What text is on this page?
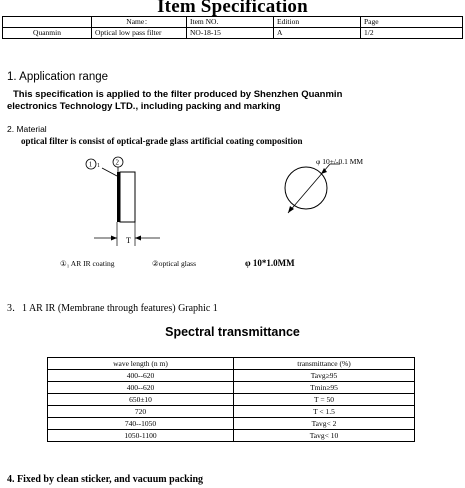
Item Specification
	Name：	Item NO.	Edition	Page
Quanmin	Optical low pass filter	NO-18-15	A	1/2
1. Application range
This specification is applied to the filter produced by Shenzhen Quanmin
electronics Technology LTD., including packing and marking
2. Material
optical filter is consist of optical-grade glass artificial coating composition
2
1 1
T
φ 10+/-0.1 MM
①₁ AR IR coating	②optical glass	φ 10*1.0MM
3．1 AR IR (Membrane through features) Graphic 1
Spectral transmittance
wave length (n m)	transmittance (%)
400--620	Tavg≥95
400--620	Tmin≥95
650±10	T = 50
720	T < 1.5
740--1050	Tavg< 2
1050-1100	Tavg< 10
4. Fixed by clean sticker, and vacuum packing
